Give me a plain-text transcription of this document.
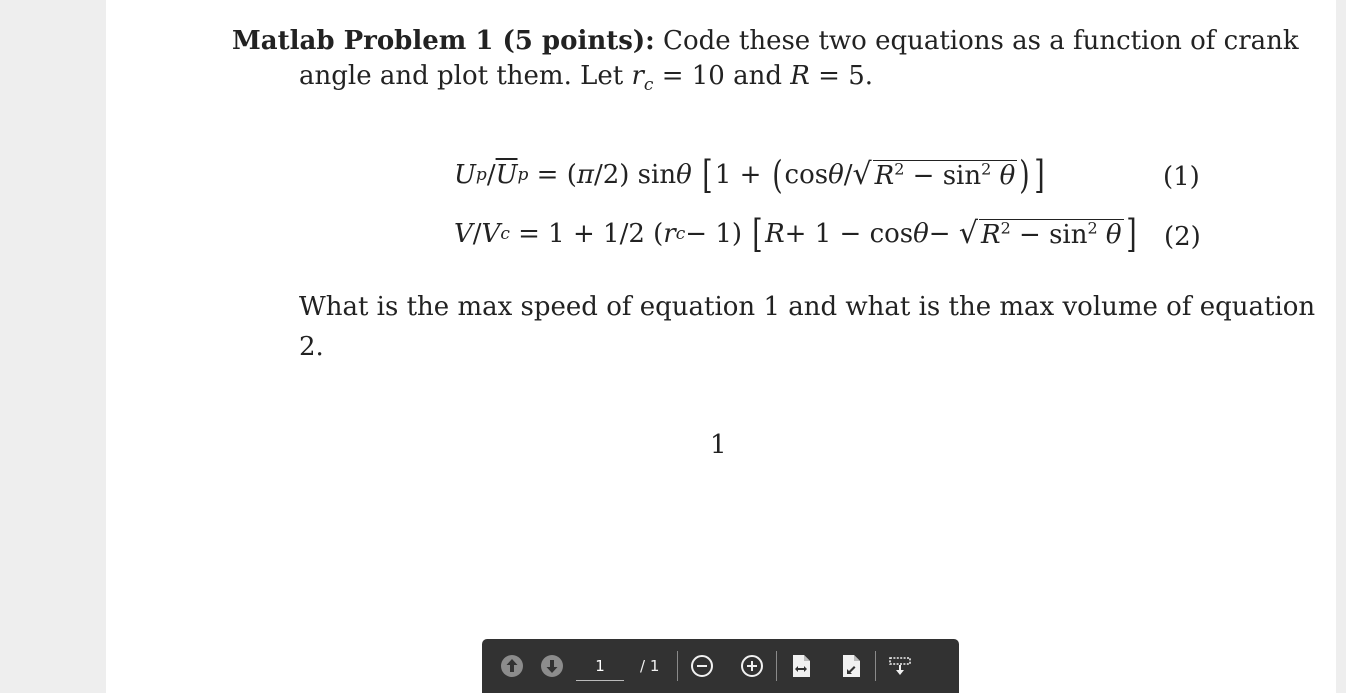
Matlab Problem 1 (5 points): Code these two equations as a function of crank
angle and plot them. Let $r_c = 10$ and R = 5.
U p / $\overline{U}$ p = ( π /2) sin θ
[ 1 + ( cos θ / √ $R^2 - \sin^2 \theta$ ) ]	(1)
V / V c = 1 + 1/2 ( r c − 1) [ R + 1 − cos θ − √ $R^2 - \sin^2 \theta$ ] (2)
What is the max speed of equation 1 and what is the max volume of equation
2.
1
1
/ 1
